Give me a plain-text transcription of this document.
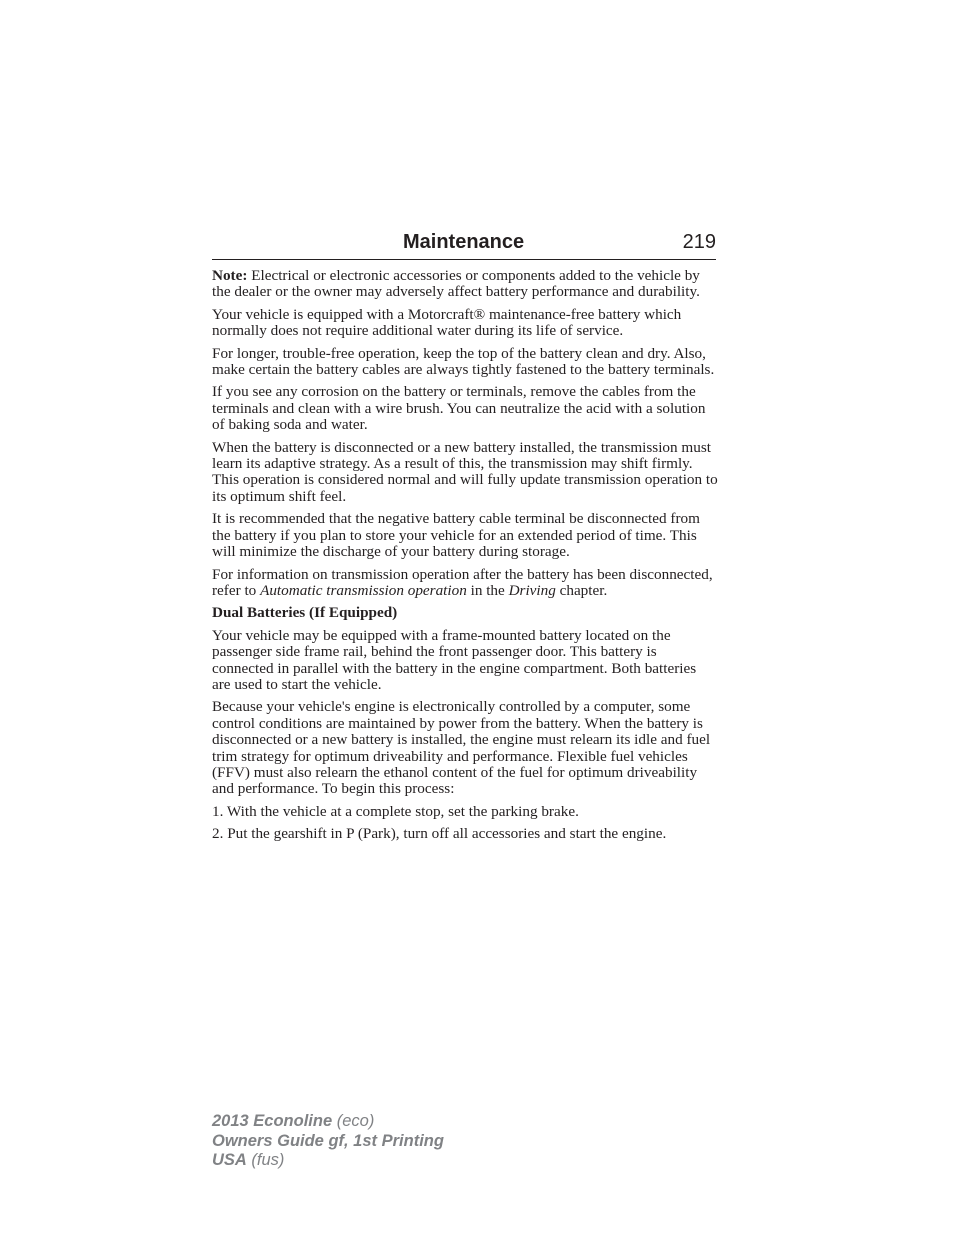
Maintenance	219

Note: Electrical or electronic accessories or components added to the vehicle by the dealer or the owner may adversely affect battery performance and durability.

Your vehicle is equipped with a Motorcraft® maintenance-free battery which normally does not require additional water during its life of service.

For longer, trouble-free operation, keep the top of the battery clean and dry. Also, make certain the battery cables are always tightly fastened to the battery terminals.

If you see any corrosion on the battery or terminals, remove the cables from the terminals and clean with a wire brush. You can neutralize the acid with a solution of baking soda and water.

When the battery is disconnected or a new battery installed, the transmission must learn its adaptive strategy. As a result of this, the transmission may shift firmly. This operation is considered normal and will fully update transmission operation to its optimum shift feel.

It is recommended that the negative battery cable terminal be disconnected from the battery if you plan to store your vehicle for an extended period of time. This will minimize the discharge of your battery during storage.

For information on transmission operation after the battery has been disconnected, refer to Automatic transmission operation in the Driving chapter.

Dual Batteries (If Equipped)

Your vehicle may be equipped with a frame-mounted battery located on the passenger side frame rail, behind the front passenger door. This battery is connected in parallel with the battery in the engine compartment. Both batteries are used to start the vehicle.

Because your vehicle's engine is electronically controlled by a computer, some control conditions are maintained by power from the battery. When the battery is disconnected or a new battery is installed, the engine must relearn its idle and fuel trim strategy for optimum driveability and performance. Flexible fuel vehicles (FFV) must also relearn the ethanol content of the fuel for optimum driveability and performance. To begin this process:

1. With the vehicle at a complete stop, set the parking brake.

2. Put the gearshift in P (Park), turn off all accessories and start the engine.

2013 Econoline (eco)
Owners Guide gf, 1st Printing
USA (fus)
